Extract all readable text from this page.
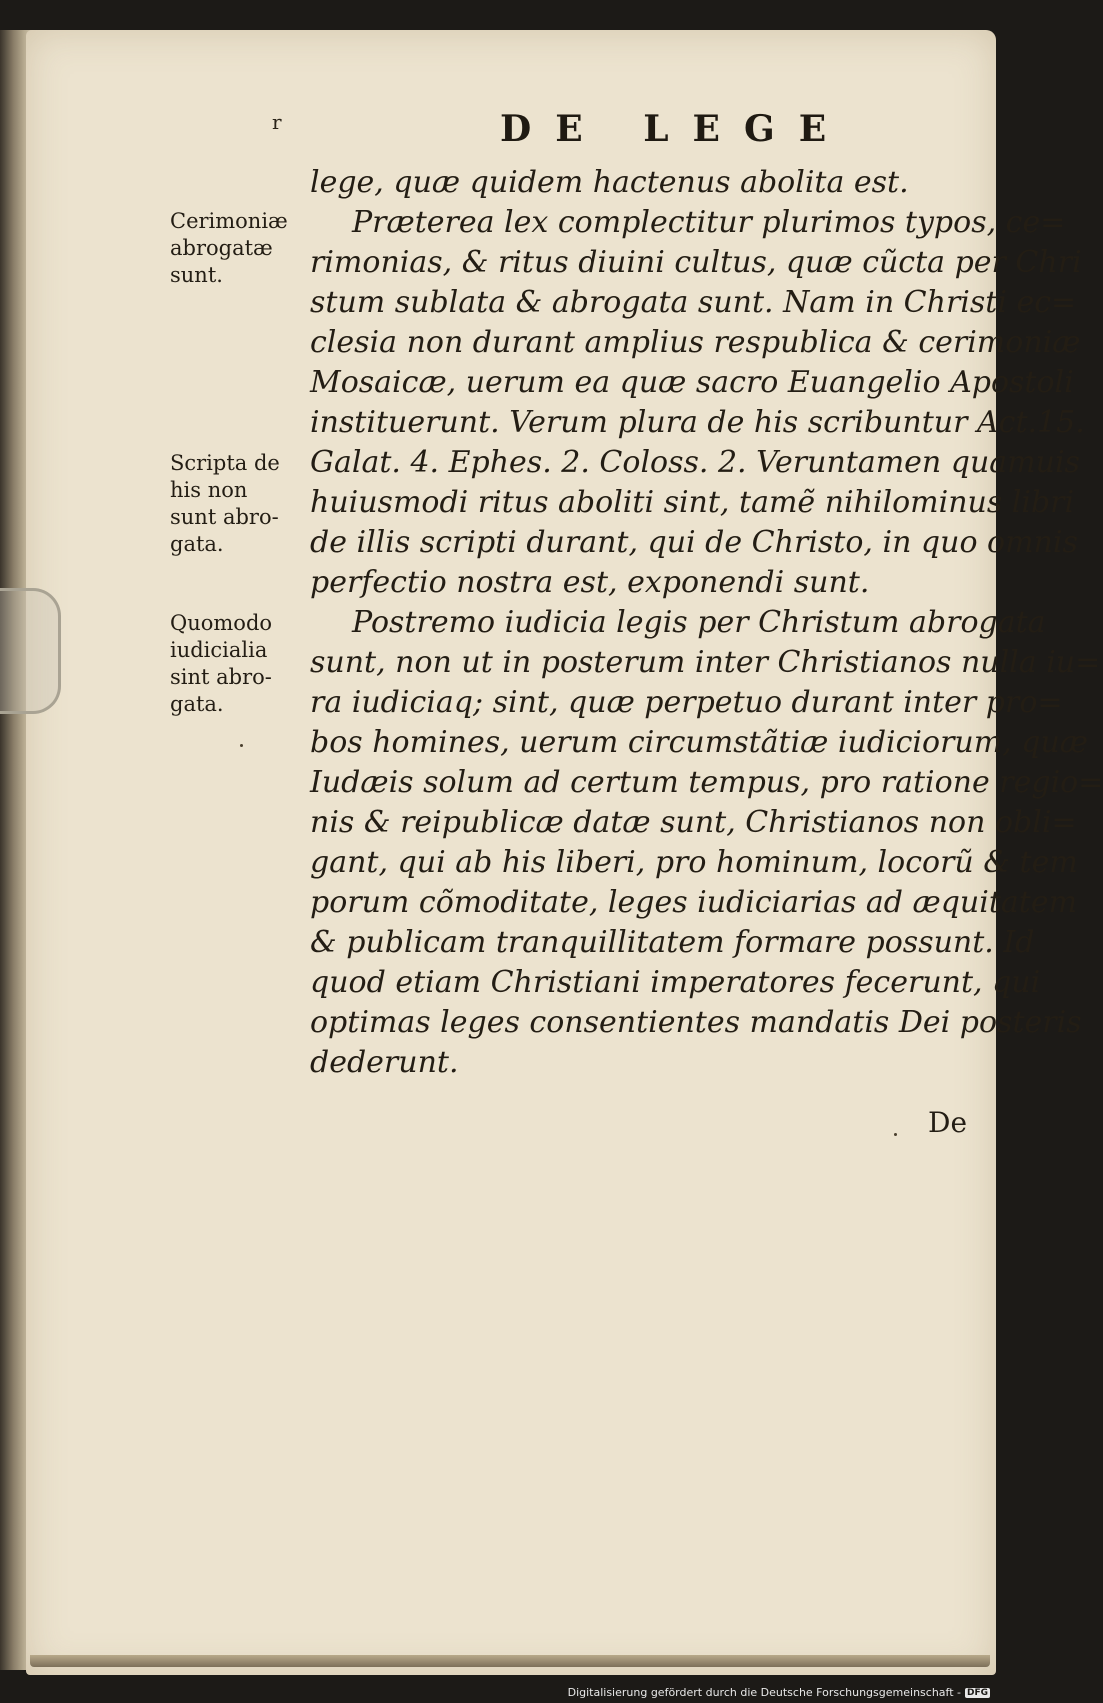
r	DE LEGE
lege, quæ quidem hactenus abolita est.
Præterea lex complectitur plurimos typos, ce=
rimonias, & ritus diuini cultus, quæ cũcta per Chri
stum sublata & abrogata sunt. Nam in Christi ec=
clesia non durant amplius respublica & cerimoniæ
Mosaicæ, uerum ea quæ sacro Euangelio Apostoli
instituerunt. Verum plura de his scribuntur Act.15.
Galat. 4. Ephes. 2. Coloss. 2. Veruntamen quamuis
huiusmodi ritus aboliti sint, tamẽ nihilominus libri
de illis scripti durant, qui de Christo, in quo omnis
perfectio nostra est, exponendi sunt.
Postremo iudicia legis per Christum abrogata
sunt, non ut in posterum inter Christianos nulla iu=
ra iudiciaq; sint, quæ perpetuo durant inter pro=
bos homines, uerum circumstãtiæ iudiciorum, quæ
Iudæis solum ad certum tempus, pro ratione regio=
nis & reipublicæ datæ sunt, Christianos non obli=
gant, qui ab his liberi, pro hominum, locorũ & tem
porum cõmoditate, leges iudiciarias ad æquitatem
& publicam tranquillitatem formare possunt. Id
quod etiam Christiani imperatores fecerunt, qui
optimas leges consentientes mandatis Dei posteris
dederunt.
Cerimoniæ
abrogatæ
sunt.
Scripta de
his non
sunt abro-
gata.
Quomodo
iudicialia
sint abro-
gata.
De
Digitalisierung gefördert durch die Deutsche Forschungsgemeinschaft - DFG
